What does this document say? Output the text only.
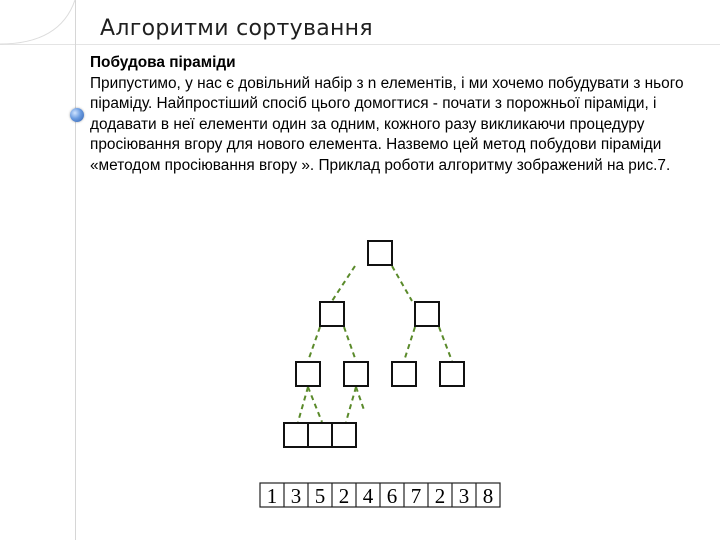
Алгоритми сортування

Побудова піраміди

Припустимо, у нас є довільний набір з n елементів, і ми хочемо побудувати з нього піраміду. Найпростіший спосіб цього домогтися - почати з порожньої піраміди, і додавати в неї елементи один за одним, кожного разу викликаючи процедуру просіювання вгору для нового елемента. Назвемо цей метод побудови піраміди «методом просіювання вгору ». Приклад роботи алгоритму зображений на рис.7.

1 3 5 2 4 6 7 2 3 8
